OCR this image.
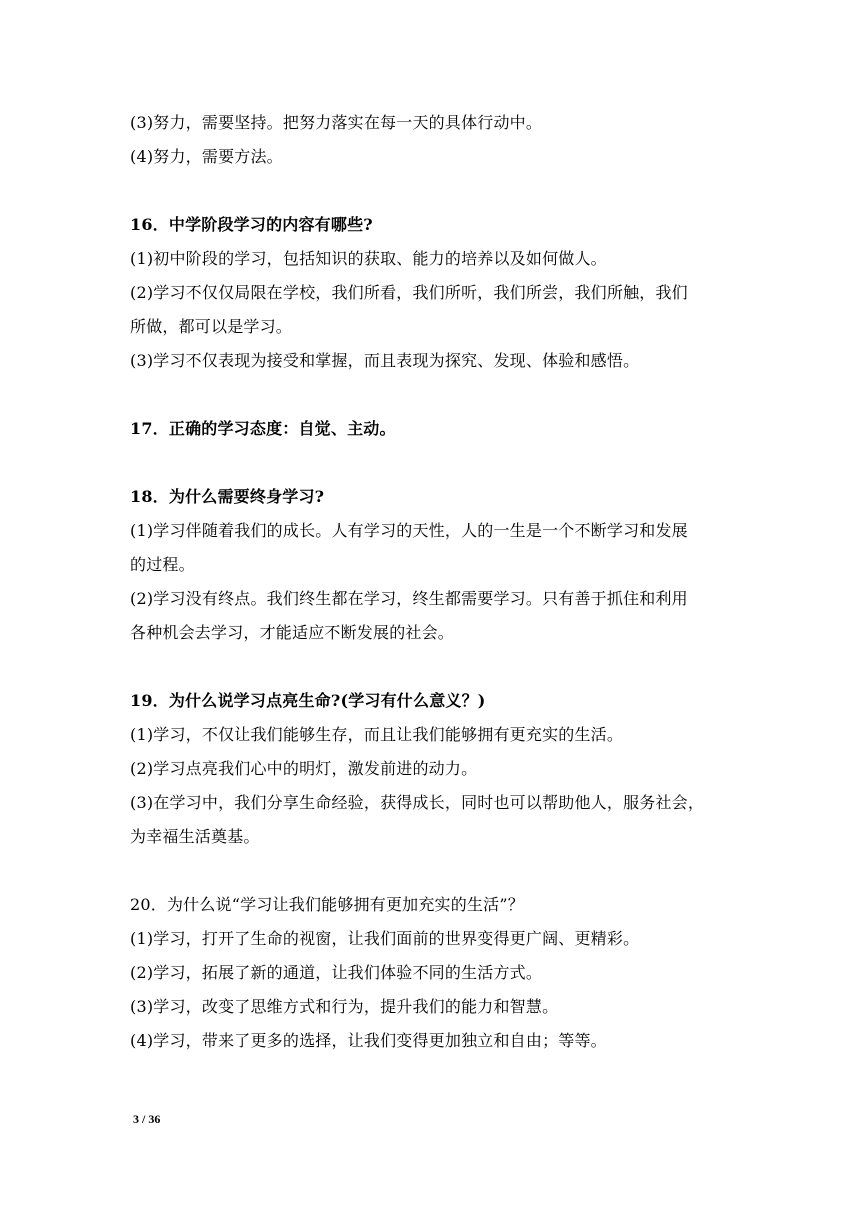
(3)努力，需要坚持。把努力落实在每一天的具体行动中。
(4)努力，需要方法。
16．中学阶段学习的内容有哪些?
(1)初中阶段的学习，包括知识的获取、能力的培养以及如何做人。
(2)学习不仅仅局限在学校，我们所看，我们所听，我们所尝，我们所触，我们
所做，都可以是学习。
(3)学习不仅表现为接受和掌握，而且表现为探究、发现、体验和感悟。
17．正确的学习态度：自觉、主动。
18．为什么需要终身学习?
(1)学习伴随着我们的成长。人有学习的天性，人的一生是一个不断学习和发展
的过程。
(2)学习没有终点。我们终生都在学习，终生都需要学习。只有善于抓住和利用
各种机会去学习，才能适应不断发展的社会。
19．为什么说学习点亮生命?(学习有什么意义？)
(1)学习，不仅让我们能够生存，而且让我们能够拥有更充实的生活。
(2)学习点亮我们心中的明灯，激发前进的动力。
(3)在学习中，我们分享生命经验，获得成长，同时也可以帮助他人，服务社会，
为幸福生活奠基。
20．为什么说“学习让我们能够拥有更加充实的生活”？
(1)学习，打开了生命的视窗，让我们面前的世界变得更广阔、更精彩。
(2)学习，拓展了新的通道，让我们体验不同的生活方式。
(3)学习，改变了思维方式和行为，提升我们的能力和智慧。
(4)学习，带来了更多的选择，让我们变得更加独立和自由；等等。
3 / 36
